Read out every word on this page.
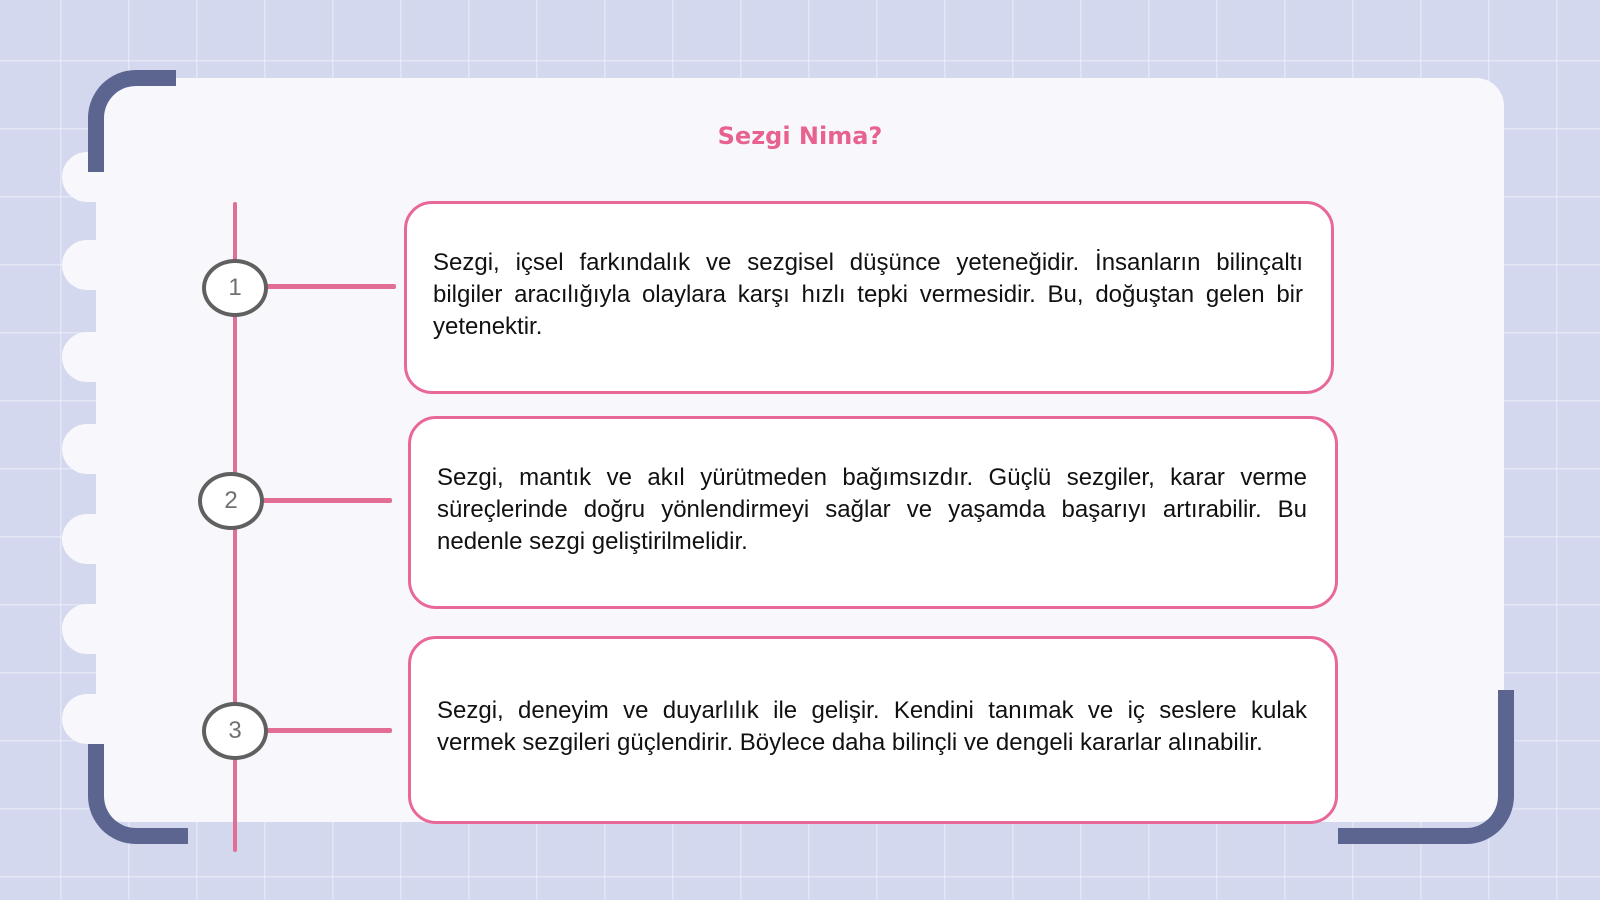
Sezgi Nima?
1
2
3

Sezgi, içsel farkındalık ve sezgisel düşünce yeteneğidir. İnsanların bilinçaltı bilgiler aracılığıyla olaylara karşı hızlı tepki vermesidir. Bu, doğuştan gelen bir yetenektir.

Sezgi, mantık ve akıl yürütmeden bağımsızdır. Güçlü sezgiler, karar verme süreçlerinde doğru yönlendirmeyi sağlar ve yaşamda başarıyı artırabilir. Bu nedenle sezgi geliştirilmelidir.

Sezgi, deneyim ve duyarlılık ile gelişir. Kendini tanımak ve iç seslere kulak vermek sezgileri güçlendirir. Böylece daha bilinçli ve dengeli kararlar alınabilir.
